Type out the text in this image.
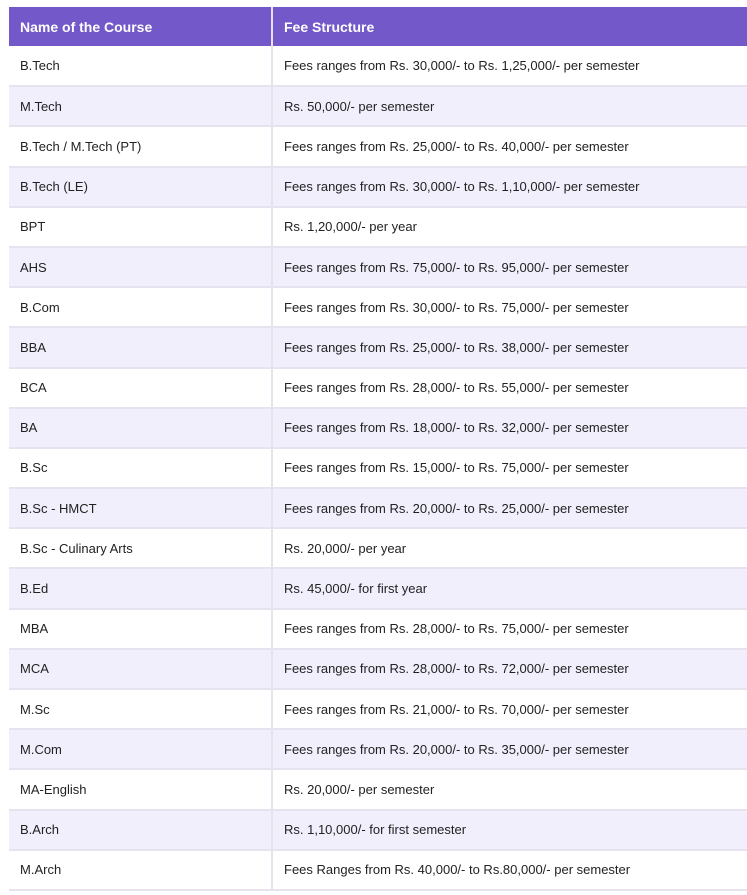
Name of the Course	Fee Structure
B.Tech	Fees ranges from Rs. 30,000/- to Rs. 1,25,000/- per semester
M.Tech	Rs. 50,000/- per semester
B.Tech / M.Tech (PT)	Fees ranges from Rs. 25,000/- to Rs. 40,000/- per semester
B.Tech (LE)	Fees ranges from Rs. 30,000/- to Rs. 1,10,000/- per semester
BPT	Rs. 1,20,000/- per year
AHS	Fees ranges from Rs. 75,000/- to Rs. 95,000/- per semester
B.Com	Fees ranges from Rs. 30,000/- to Rs. 75,000/- per semester
BBA	Fees ranges from Rs. 25,000/- to Rs. 38,000/- per semester
BCA	Fees ranges from Rs. 28,000/- to Rs. 55,000/- per semester
BA	Fees ranges from Rs. 18,000/- to Rs. 32,000/- per semester
B.Sc	Fees ranges from Rs. 15,000/- to Rs. 75,000/- per semester
B.Sc - HMCT	Fees ranges from Rs. 20,000/- to Rs. 25,000/- per semester
B.Sc - Culinary Arts	Rs. 20,000/- per year
B.Ed	Rs. 45,000/- for first year
MBA	Fees ranges from Rs. 28,000/- to Rs. 75,000/- per semester
MCA	Fees ranges from Rs. 28,000/- to Rs. 72,000/- per semester
M.Sc	Fees ranges from Rs. 21,000/- to Rs. 70,000/- per semester
M.Com	Fees ranges from Rs. 20,000/- to Rs. 35,000/- per semester
MA-English	Rs. 20,000/- per semester
B.Arch	Rs. 1,10,000/- for first semester
M.Arch	Fees Ranges from Rs. 40,000/- to Rs.80,000/- per semester
